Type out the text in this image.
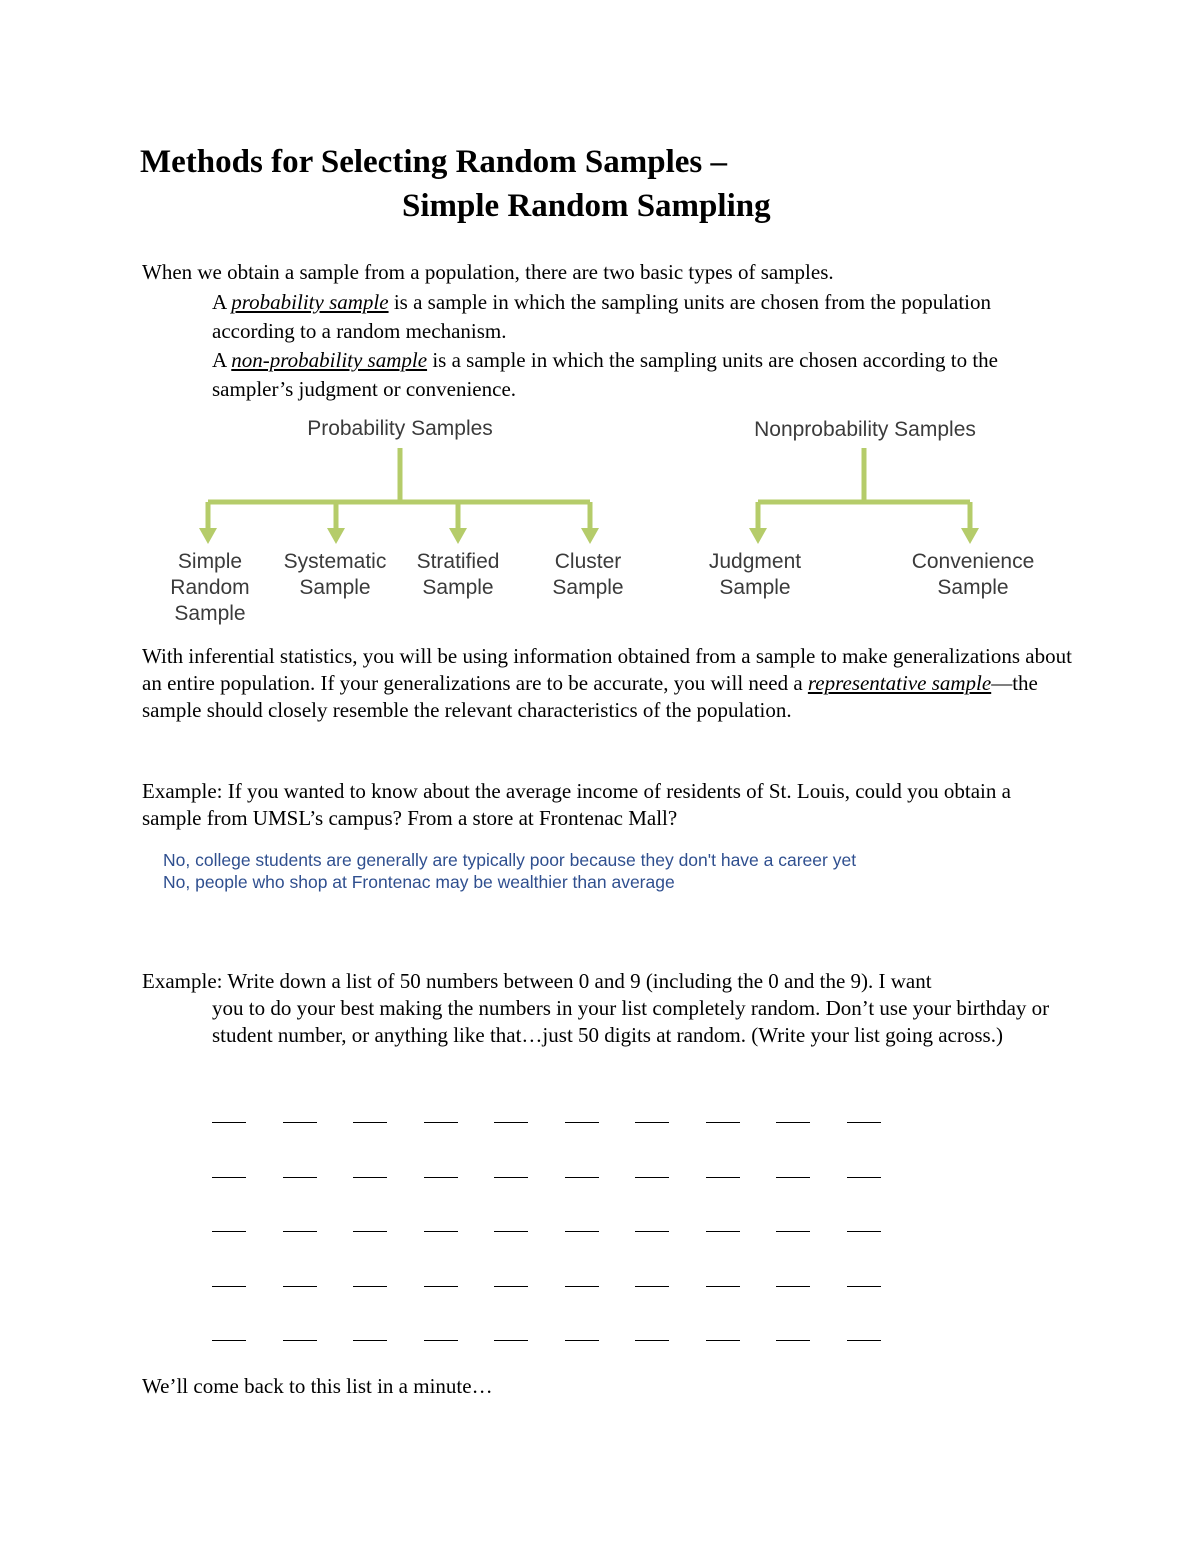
Methods for Selecting Random Samples –
Simple Random Sampling
When we obtain a sample from a population, there are two basic types of samples.
A probability sample is a sample in which the sampling units are chosen from the population according to a random mechanism.
A non-probability sample is a sample in which the sampling units are chosen according to the sampler’s judgment or convenience.
Probability Samples	Nonprobability Samples
Simple
Random
Sample
Systematic
Sample
Stratified
Sample
Cluster
Sample
Judgment
Sample
Convenience
Sample
With inferential statistics, you will be using information obtained from a sample to make generalizations about an entire population. If your generalizations are to be accurate, you will need a representative sample—the sample should closely resemble the relevant characteristics of the population.
Example: If you wanted to know about the average income of residents of St. Louis, could you obtain a sample from UMSL’s campus? From a store at Frontenac Mall?
No, college students are generally are typically poor because they don't have a career yet
No, people who shop at Frontenac may be wealthier than average
Example: Write down a list of 50 numbers between 0 and 9 (including the 0 and the 9). I want
you to do your best making the numbers in your list completely random. Don’t use your birthday or student number, or anything like that…just 50 digits at random. (Write your list going across.)
We’ll come back to this list in a minute…
